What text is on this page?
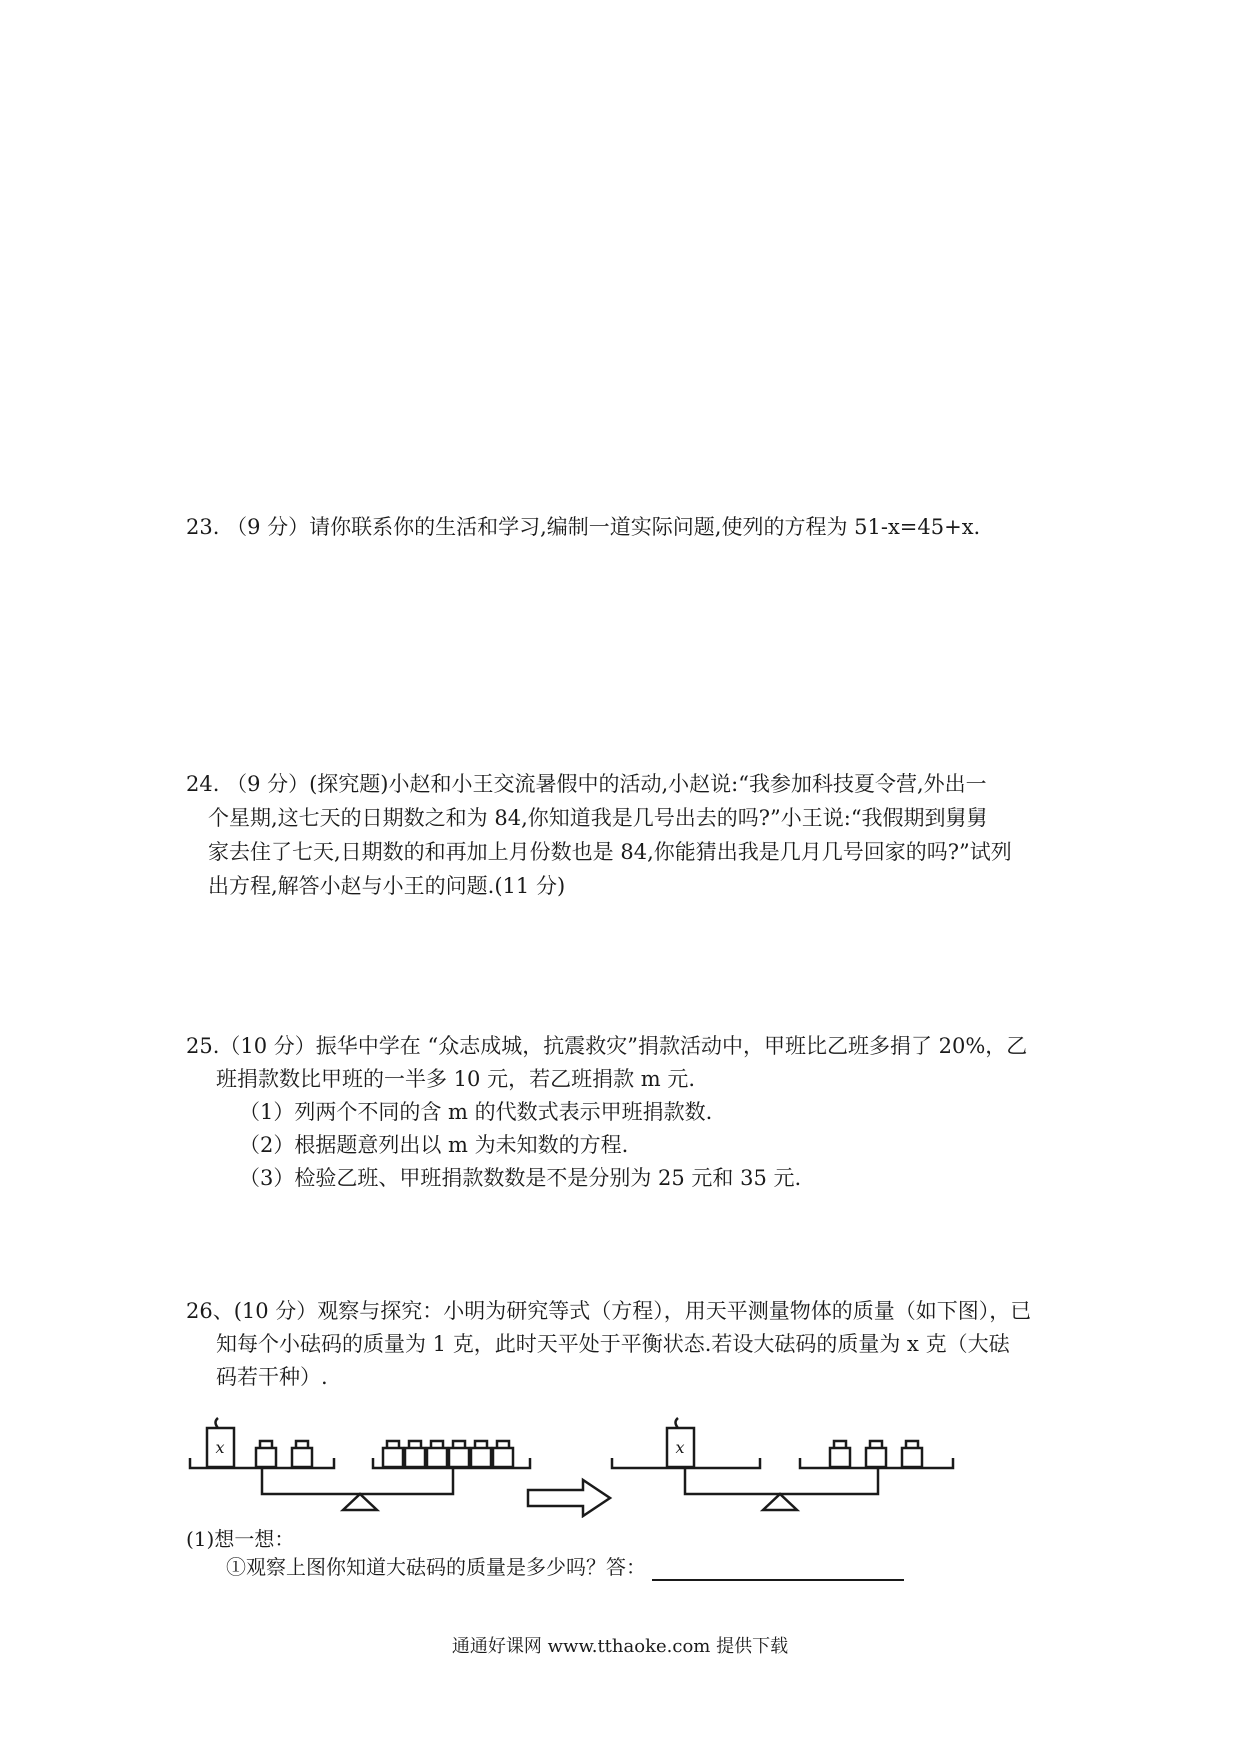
23. （9 分）请你联系你的生活和学习,编制一道实际问题,使列的方程为 51-x=45+x.
24. （9 分）(探究题)小赵和小王交流暑假中的活动,小赵说:“我参加科技夏令营,外出一
个星期,这七天的日期数之和为 84,你知道我是几号出去的吗?”小王说:“我假期到舅舅
家去住了七天,日期数的和再加上月份数也是 84,你能猜出我是几月几号回家的吗?”试列
出方程,解答小赵与小王的问题.(11 分)
25.（10 分）振华中学在 “众志成城，抗震救灾”捐款活动中，甲班比乙班多捐了 20%，乙
班捐款数比甲班的一半多 10 元，若乙班捐款 m 元.
（1）列两个不同的含 m 的代数式表示甲班捐款数.
（2）根据题意列出以 m 为未知数的方程.
（3）检验乙班、甲班捐款数数是不是分别为 25 元和 35 元.
26、(10 分）观察与探究：小明为研究等式（方程），用天平测量物体的质量（如下图），已
知每个小砝码的质量为 1 克，此时天平处于平衡状态.若设大砝码的质量为 x 克（大砝
码若干种）.
x	x
(1)想一想：
①观察上图你知道大砝码的质量是多少吗？答：
通通好课网 www.tthaoke.com 提供下载
